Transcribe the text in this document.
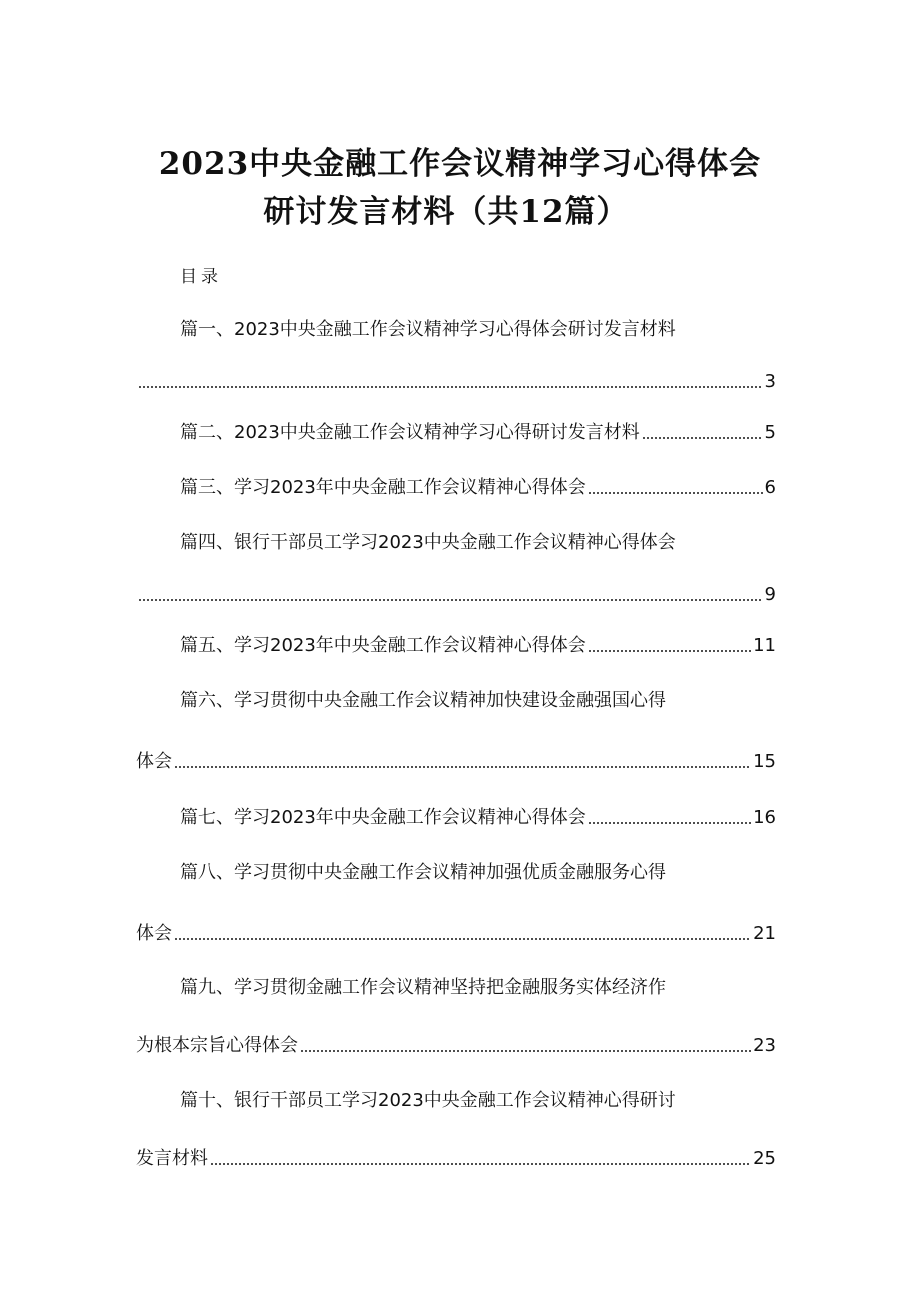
2023中央金融工作会议精神学习心得体会
研讨发言材料（共12篇）
目录
篇一、2023中央金融工作会议精神学习心得体会研讨发言材料
3
篇二、2023中央金融工作会议精神学习心得研讨发言材料	5
篇三、学习2023年中央金融工作会议精神心得体会	6
篇四、银行干部员工学习2023中央金融工作会议精神心得体会
9
篇五、学习2023年中央金融工作会议精神心得体会	11
篇六、学习贯彻中央金融工作会议精神加快建设金融强国心得
体会	15
篇七、学习2023年中央金融工作会议精神心得体会	16
篇八、学习贯彻中央金融工作会议精神加强优质金融服务心得
体会	21
篇九、学习贯彻金融工作会议精神坚持把金融服务实体经济作
为根本宗旨心得体会	23
篇十、银行干部员工学习2023中央金融工作会议精神心得研讨
发言材料	25
